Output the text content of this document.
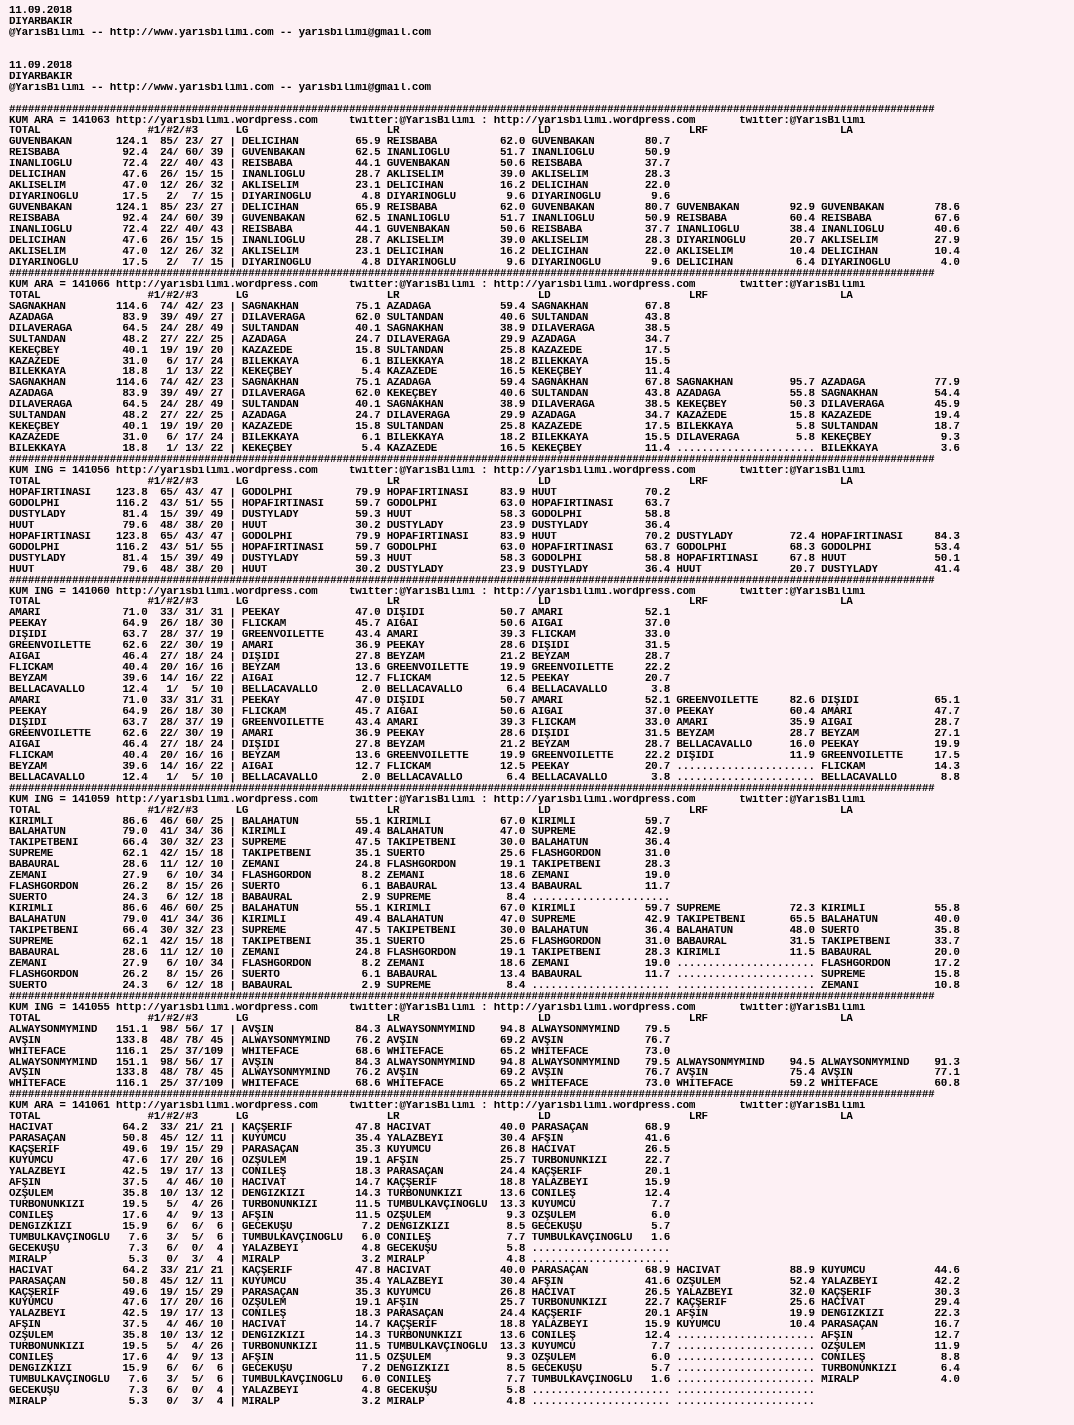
11.09.2018
DIYARBAKIR
@YarisBilimi -- http://www.yarisbilimi.com -- yarisbilimi@gmail.com
11.09.2018
DIYARBAKIR
@YarisBilimi -- http://www.yarisbilimi.com -- yarisbilimi@gmail.com
###################################################################################################################################################
KUM ARA = 141063 http://yarisbilimi.wordpress.com     twitter:@YarisBilimi : http://yarisbilimi.wordpress.com       twitter:@YarisBilimi
TOTAL                 #1/#2/#3      LG                      LR                      LD                      LRF                     LA
GÜVENBAKAN       124.1  85/ 23/ 27 | DELİCİHAN         65.9 REİSBABA          62.0 GÜVENBAKAN        80.7
REİSBABA          92.4  24/ 60/ 39 | GÜVENBAKAN        62.5 İNANLIOGLU        51.7 İNANLIOGLU        50.9
İNANLIOGLU        72.4  22/ 40/ 43 | REİSBABA          44.1 GÜVENBAKAN        50.6 REİSBABA          37.7
DELİCİHAN         47.6  26/ 15/ 15 | İNANLIOGLU        28.7 AKLISELİM         39.0 AKLISELİM         28.3
AKLISELİM         47.0  12/ 26/ 32 | AKLISELİM         23.1 DELİCİHAN         16.2 DELİCİHAN         22.0
DİYARINOGLU       17.5   2/  7/ 15 | DİYARINOGLU        4.8 DİYARINOGLU        9.6 DİYARINOGLU        9.6
GÜVENBAKAN       124.1  85/ 23/ 27 | DELİCİHAN         65.9 REİSBABA          62.0 GÜVENBAKAN        80.7 GÜVENBAKAN        92.9 GÜVENBAKAN        78.6
REİSBABA          92.4  24/ 60/ 39 | GÜVENBAKAN        62.5 İNANLIOGLU        51.7 İNANLIOGLU        50.9 REİSBABA          60.4 REİSBABA          67.6
İNANLIOGLU        72.4  22/ 40/ 43 | REİSBABA          44.1 GÜVENBAKAN        50.6 REİSBABA          37.7 İNANLIOGLU        38.4 İNANLIOGLU        40.6
DELİCİHAN         47.6  26/ 15/ 15 | İNANLIOGLU        28.7 AKLISELİM         39.0 AKLISELİM         28.3 DİYARINOGLU       20.7 AKLISELİM         27.9
AKLISELİM         47.0  12/ 26/ 32 | AKLISELİM         23.1 DELİCİHAN         16.2 DELİCİHAN         22.0 AKLISELİM         10.4 DELİCİHAN         10.4
DİYARINOGLU       17.5   2/  7/ 15 | DİYARINOGLU        4.8 DİYARINOGLU        9.6 DİYARINOGLU        9.6 DELİCİHAN          6.4 DİYARINOGLU        4.0
###################################################################################################################################################
KUM ARA = 141066 http://yarisbilimi.wordpress.com     twitter:@YarisBilimi : http://yarisbilimi.wordpress.com       twitter:@YarisBilimi
TOTAL                 #1/#2/#3      LG                      LR                      LD                      LRF                     LA
SAĞNAKHAN        114.6  74/ 42/ 23 | SAĞNAKHAN         75.1 AZADAĞA           59.4 SAĞNAKHAN         67.8
AZADAĞA           83.9  39/ 49/ 27 | DİLAVERAĞA        62.0 SULTANDAN         40.6 SULTANDAN         43.8
DİLAVERAĞA        64.5  24/ 28/ 49 | SULTANDAN         40.1 SAĞNAKHAN         38.9 DİLAVERAĞA        38.5
SULTANDAN         48.2  27/ 22/ 25 | AZADAĞA           24.7 DİLAVERAĞA        29.9 AZADAĞA           34.7
KEKEÇBEY          40.1  19/ 19/ 20 | KAZAZEDE          15.8 SULTANDAN         25.8 KAZAZEDE          17.5
KAZAZEDE          31.0   6/ 17/ 24 | BİLEKKAYA          6.1 BİLEKKAYA         18.2 BİLEKKAYA         15.5
BİLEKKAYA         18.8   1/ 13/ 22 | KEKEÇBEY           5.4 KAZAZEDE          16.5 KEKEÇBEY          11.4
SAĞNAKHAN        114.6  74/ 42/ 23 | SAĞNAKHAN         75.1 AZADAĞA           59.4 SAĞNAKHAN         67.8 SAĞNAKHAN         95.7 AZADAĞA           77.9
AZADAĞA           83.9  39/ 49/ 27 | DİLAVERAĞA        62.0 KEKEÇBEY          40.6 SULTANDAN         43.8 AZADAĞA           55.8 SAĞNAKHAN         54.4
DİLAVERAĞA        64.5  24/ 28/ 49 | SULTANDAN         40.1 SAĞNAKHAN         38.9 DİLAVERAĞA        38.5 KEKEÇBEY          50.3 DİLAVERAĞA        45.9
SULTANDAN         48.2  27/ 22/ 25 | AZADAĞA           24.7 DİLAVERAĞA        29.9 AZADAĞA           34.7 KAZAZEDE          15.8 KAZAZEDE          19.4
KEKEÇBEY          40.1  19/ 19/ 20 | KAZAZEDE          15.8 SULTANDAN         25.8 KAZAZEDE          17.5 BİLEKKAYA          5.8 SULTANDAN         18.7
KAZAZEDE          31.0   6/ 17/ 24 | BİLEKKAYA          6.1 BİLEKKAYA         18.2 BİLEKKAYA         15.5 DİLAVERAĞA         5.8 KEKEÇBEY           9.3
BİLEKKAYA         18.8   1/ 13/ 22 | KEKEÇBEY           5.4 KAZAZEDE          16.5 KEKEÇBEY          11.4 ...................... BİLEKKAYA          3.6
###################################################################################################################################################
KUM İNG = 141056 http://yarisbilimi.wordpress.com     twitter:@YarisBilimi : http://yarisbilimi.wordpress.com       twitter:@YarisBilimi
TOTAL                 #1/#2/#3      LG                      LR                      LD                      LRF                     LA
HOPAFIRTINASI    123.8  65/ 43/ 47 | GODOLPHI          79.9 HOPAFIRTINASI     83.9 HUUT              70.2
GODOLPHI         116.2  43/ 51/ 55 | HOPAFIRTINASI     59.7 GODOLPHI          63.0 HOPAFIRTINASI     63.7
DUSTYLADY         81.4  15/ 39/ 49 | DUSTYLADY         59.3 HUUT              58.3 GODOLPHI          58.8
HUUT              79.6  48/ 38/ 20 | HUUT              30.2 DUSTYLADY         23.9 DUSTYLADY         36.4
HOPAFIRTINASI    123.8  65/ 43/ 47 | GODOLPHI          79.9 HOPAFIRTINASI     83.9 HUUT              70.2 DUSTYLADY         72.4 HOPAFIRTINASI     84.3
GODOLPHI         116.2  43/ 51/ 55 | HOPAFIRTINASI     59.7 GODOLPHI          63.0 HOPAFIRTINASI     63.7 GODOLPHI          68.3 GODOLPHI          53.4
DUSTYLADY         81.4  15/ 39/ 49 | DUSTYLADY         59.3 HUUT              58.3 GODOLPHI          58.8 HOPAFIRTINASI     67.8 HUUT              50.1
HUUT              79.6  48/ 38/ 20 | HUUT              30.2 DUSTYLADY         23.9 DUSTYLADY         36.4 HUUT              20.7 DUSTYLADY         41.4
###################################################################################################################################################
KUM İNG = 141060 http://yarisbilimi.wordpress.com     twitter:@YarisBilimi : http://yarisbilimi.wordpress.com       twitter:@YarisBilimi
TOTAL                 #1/#2/#3      LG                      LR                      LD                      LRF                     LA
AMARİ             71.0  33/ 31/ 31 | PEEKAY            47.0 DİŞİDİ            50.7 AMARİ             52.1
PEEKAY            64.9  26/ 18/ 30 | FLICKAM           45.7 AIGAI             50.6 AIGAI             37.0
DİŞİDİ            63.7  28/ 37/ 19 | GREENVOILETTE     43.4 AMARİ             39.3 FLICKAM           33.0
GREENVOILETTE     62.6  22/ 30/ 19 | AMARİ             36.9 PEEKAY            28.6 DİŞİDİ            31.5
AIGAI             46.4  27/ 18/ 24 | DİŞİDİ            27.8 BEYZAM            21.2 BEYZAM            28.7
FLICKAM           40.4  20/ 16/ 16 | BEYZAM            13.6 GREENVOILETTE     19.9 GREENVOILETTE     22.2
BEYZAM            39.6  14/ 16/ 22 | AIGAI             12.7 FLICKAM           12.5 PEEKAY            20.7
BELLACAVALLO      12.4   1/  5/ 10 | BELLACAVALLO       2.0 BELLACAVALLO       6.4 BELLACAVALLO       3.8
AMARİ             71.0  33/ 31/ 31 | PEEKAY            47.0 DİŞİDİ            50.7 AMARİ             52.1 GREENVOILETTE     82.6 DİŞİDİ            65.1
PEEKAY            64.9  26/ 18/ 30 | FLICKAM           45.7 AIGAI             50.6 AIGAI             37.0 PEEKAY            60.4 AMARİ             47.7
DİŞİDİ            63.7  28/ 37/ 19 | GREENVOILETTE     43.4 AMARİ             39.3 FLICKAM           33.0 AMARİ             35.9 AIGAI             28.7
GREENVOILETTE     62.6  22/ 30/ 19 | AMARİ             36.9 PEEKAY            28.6 DİŞİDİ            31.5 BEYZAM            28.7 BEYZAM            27.1
AIGAI             46.4  27/ 18/ 24 | DİŞİDİ            27.8 BEYZAM            21.2 BEYZAM            28.7 BELLACAVALLO      16.0 PEEKAY            19.9
FLICKAM           40.4  20/ 16/ 16 | BEYZAM            13.6 GREENVOILETTE     19.9 GREENVOILETTE     22.2 DİŞİDİ            11.9 GREENVOILETTE     17.5
BEYZAM            39.6  14/ 16/ 22 | AIGAI             12.7 FLICKAM           12.5 PEEKAY            20.7 ...................... FLICKAM           14.3
BELLACAVALLO      12.4   1/  5/ 10 | BELLACAVALLO       2.0 BELLACAVALLO       6.4 BELLACAVALLO       3.8 ...................... BELLACAVALLO       8.8
###################################################################################################################################################
KUM İNG = 141059 http://yarisbilimi.wordpress.com     twitter:@YarisBilimi : http://yarisbilimi.wordpress.com       twitter:@YarisBilimi
TOTAL                 #1/#2/#3      LG                      LR                      LD                      LRF                     LA
KIRIMLI           86.6  46/ 60/ 25 | BALAHATUN         55.1 KIRIMLI           67.0 KIRIMLI           59.7
BALAHATUN         79.0  41/ 34/ 36 | KIRIMLI           49.4 BALAHATUN         47.0 SUPREME           42.9
TAKİPETBENİ       66.4  30/ 32/ 23 | SUPREME           47.5 TAKİPETBENİ       30.0 BALAHATUN         36.4
SUPREME           62.1  42/ 15/ 18 | TAKİPETBENİ       35.1 SUERTO            25.6 FLASHGORDON       31.0
BABAURAL          28.6  11/ 12/ 10 | ZEMANİ            24.8 FLASHGORDON       19.1 TAKİPETBENİ       28.3
ZEMANİ            27.9   6/ 10/ 34 | FLASHGORDON        8.2 ZEMANİ            18.6 ZEMANİ            19.0
FLASHGORDON       26.2   8/ 15/ 26 | SUERTO             6.1 BABAURAL          13.4 BABAURAL          11.7
SUERTO            24.3   6/ 12/ 18 | BABAURAL           2.9 SUPREME            8.4 ......................
KIRIMLI           86.6  46/ 60/ 25 | BALAHATUN         55.1 KIRIMLI           67.0 KIRIMLI           59.7 SUPREME           72.3 KIRIMLI           55.8
BALAHATUN         79.0  41/ 34/ 36 | KIRIMLI           49.4 BALAHATUN         47.0 SUPREME           42.9 TAKİPETBENİ       65.5 BALAHATUN         40.0
TAKİPETBENİ       66.4  30/ 32/ 23 | SUPREME           47.5 TAKİPETBENİ       30.0 BALAHATUN         36.4 BALAHATUN         48.0 SUERTO            35.8
SUPREME           62.1  42/ 15/ 18 | TAKİPETBENİ       35.1 SUERTO            25.6 FLASHGORDON       31.0 BABAURAL          31.5 TAKİPETBENİ       33.7
BABAURAL          28.6  11/ 12/ 10 | ZEMANİ            24.8 FLASHGORDON       19.1 TAKİPETBENİ       28.3 KIRIMLI           11.5 BABAURAL          20.0
ZEMANİ            27.9   6/ 10/ 34 | FLASHGORDON        8.2 ZEMANİ            18.6 ZEMANİ            19.0 ...................... FLASHGORDON       17.2
FLASHGORDON       26.2   8/ 15/ 26 | SUERTO             6.1 BABAURAL          13.4 BABAURAL          11.7 ...................... SUPREME           15.8
SUERTO            24.3   6/ 12/ 18 | BABAURAL           2.9 SUPREME            8.4 ...................... ...................... ZEMANİ            10.8
###################################################################################################################################################
KUM İNG = 141055 http://yarisbilimi.wordpress.com     twitter:@YarisBilimi : http://yarisbilimi.wordpress.com       twitter:@YarisBilimi
TOTAL                 #1/#2/#3      LG                      LR                      LD                      LRF                     LA
ALWAYSONMYMIND   151.1  98/ 56/ 17 | AVŞİN             84.3 ALWAYSONMYMIND    94.8 ALWAYSONMYMIND    79.5
AVŞİN            133.8  48/ 78/ 45 | ALWAYSONMYMIND    76.2 AVŞİN             69.2 AVŞİN             76.7
WHİTEFACE        116.1  25/ 37/109 | WHİTEFACE         68.6 WHİTEFACE         65.2 WHİTEFACE         73.0
ALWAYSONMYMIND   151.1  98/ 56/ 17 | AVŞİN             84.3 ALWAYSONMYMIND    94.8 ALWAYSONMYMIND    79.5 ALWAYSONMYMIND    94.5 ALWAYSONMYMIND    91.3
AVŞİN            133.8  48/ 78/ 45 | ALWAYSONMYMIND    76.2 AVŞİN             69.2 AVŞİN             76.7 AVŞİN             75.4 AVŞİN             77.1
WHİTEFACE        116.1  25/ 37/109 | WHİTEFACE         68.6 WHİTEFACE         65.2 WHİTEFACE         73.0 WHİTEFACE         59.2 WHİTEFACE         60.8
###################################################################################################################################################
KUM ARA = 141061 http://yarisbilimi.wordpress.com     twitter:@YarisBilimi : http://yarisbilimi.wordpress.com       twitter:@YarisBilimi
TOTAL                 #1/#2/#3      LG                      LR                      LD                      LRF                     LA
HACİVAT           64.2  33/ 21/ 21 | KAÇŞERİF          47.8 HACİVAT           40.0 PARASAÇAN         68.9
PARASAÇAN         50.8  45/ 12/ 11 | KUYUMCU           35.4 YALAZBEYİ         30.4 AFŞİN             41.6
KAÇŞERİF          49.6  19/ 15/ 29 | PARASAÇAN         35.3 KUYUMCU           26.8 HACİVAT           26.5
KUYUMCU           47.6  17/ 20/ 16 | ÖZŞÜLEM           19.1 AFŞİN             25.7 TURBONUNKIZI      22.7
YALAZBEYİ         42.5  19/ 17/ 13 | CONİLEŞ           18.3 PARASAÇAN         24.4 KAÇŞERİF          20.1
AFŞİN             37.5   4/ 46/ 10 | HACİVAT           14.7 KAÇŞERİF          18.8 YALAZBEYİ         15.9
ÖZŞÜLEM           35.8  10/ 13/ 12 | DENGİZKIZI        14.3 TURBONUNKIZI      13.6 CONİLEŞ           12.4
TURBONUNKIZI      19.5   5/  4/ 26 | TURBONUNKIZI      11.5 TUMBULKAVÇİNOĞLU  13.3 KUYUMCU            7.7
CONİLEŞ           17.6   4/  9/ 13 | AFŞİN             11.5 ÖZŞÜLEM            9.3 ÖZŞÜLEM            6.0
DENGİZKIZI        15.9   6/  6/  6 | GECEKUŞU           7.2 DENGİZKIZI         8.5 GECEKUŞU           5.7
TUMBULKAVÇİNOĞLU   7.6   3/  5/  6 | TUMBULKAVÇİNOĞLU   6.0 CONİLEŞ            7.7 TUMBULKAVÇİNOĞLU   1.6
GECEKUŞU           7.3   6/  0/  4 | YALAZBEYİ          4.8 GECEKUŞU           5.8 ......................
MİRALP             5.3   0/  3/  4 | MİRALP             3.2 MİRALP             4.8 ......................
HACİVAT           64.2  33/ 21/ 21 | KAÇŞERİF          47.8 HACİVAT           40.0 PARASAÇAN         68.9 HACİVAT           88.9 KUYUMCU           44.6
PARASAÇAN         50.8  45/ 12/ 11 | KUYUMCU           35.4 YALAZBEYİ         30.4 AFŞİN             41.6 ÖZŞÜLEM           52.4 YALAZBEYİ         42.2
KAÇŞERİF          49.6  19/ 15/ 29 | PARASAÇAN         35.3 KUYUMCU           26.8 HACİVAT           26.5 YALAZBEYİ         32.0 KAÇŞERİF          30.3
KUYUMCU           47.6  17/ 20/ 16 | ÖZŞÜLEM           19.1 AFŞİN             25.7 TURBONUNKIZI      22.7 KAÇŞERİF          25.6 HACİVAT           29.4
YALAZBEYİ         42.5  19/ 17/ 13 | CONİLEŞ           18.3 PARASAÇAN         24.4 KAÇŞERİF          20.1 AFŞİN             19.9 DENGİZKIZI        22.3
AFŞİN             37.5   4/ 46/ 10 | HACİVAT           14.7 KAÇŞERİF          18.8 YALAZBEYİ         15.9 KUYUMCU           10.4 PARASAÇAN         16.7
ÖZŞÜLEM           35.8  10/ 13/ 12 | DENGİZKIZI        14.3 TURBONUNKIZI      13.6 CONİLEŞ           12.4 ...................... AFŞİN             12.7
TURBONUNKIZI      19.5   5/  4/ 26 | TURBONUNKIZI      11.5 TUMBULKAVÇİNOĞLU  13.3 KUYUMCU            7.7 ...................... ÖZŞÜLEM           11.9
CONİLEŞ           17.6   4/  9/ 13 | AFŞİN             11.5 ÖZŞÜLEM            9.3 ÖZŞÜLEM            6.0 ...................... CONİLEŞ            8.8
DENGİZKIZI        15.9   6/  6/  6 | GECEKUŞU           7.2 DENGİZKIZI         8.5 GECEKUŞU           5.7 ...................... TURBONUNKIZI       6.4
TUMBULKAVÇİNOĞLU   7.6   3/  5/  6 | TUMBULKAVÇİNOĞLU   6.0 CONİLEŞ            7.7 TUMBULKAVÇİNOĞLU   1.6 ...................... MİRALP             4.0
GECEKUŞU           7.3   6/  0/  4 | YALAZBEYİ          4.8 GECEKUŞU           5.8 ...................... ......................
MİRALP             5.3   0/  3/  4 | MİRALP             3.2 MİRALP             4.8 ...................... ......................
